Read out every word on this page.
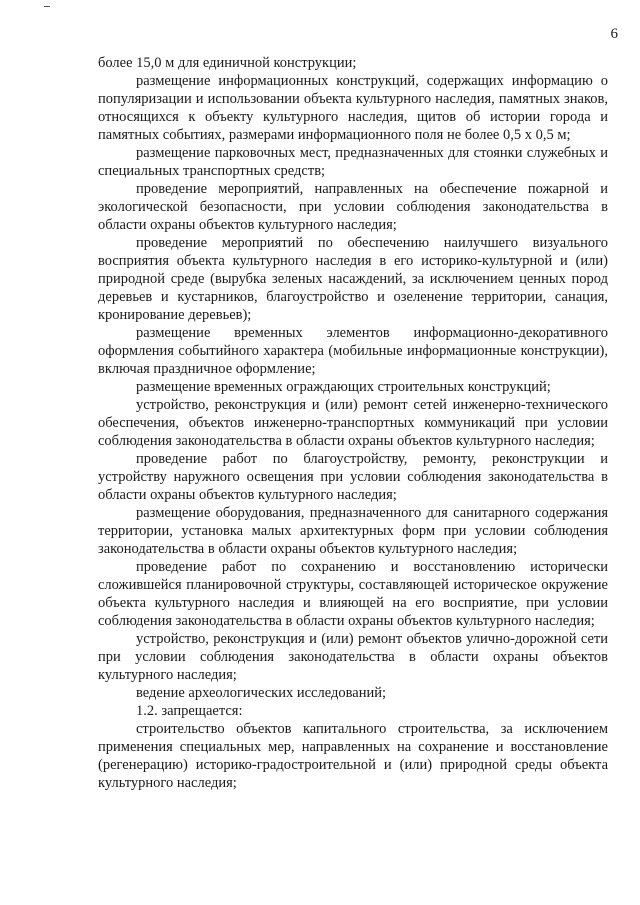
6

более 15,0 м для единичной конструкции;

размещение информационных конструкций, содержащих информацию о популяризации и использовании объекта культурного наследия, памятных знаков, относящихся к объекту культурного наследия, щитов об истории города и памятных событиях, размерами информационного поля не более 0,5 х 0,5 м;

размещение парковочных мест, предназначенных для стоянки служебных и специальных транспортных средств;

проведение мероприятий, направленных на обеспечение пожарной и экологической безопасности, при условии соблюдения законодательства в области охраны объектов культурного наследия;

проведение мероприятий по обеспечению наилучшего визуального восприятия объекта культурного наследия в его историко-культурной и (или) природной среде (вырубка зеленых насаждений, за исключением ценных пород деревьев и кустарников, благоустройство и озеленение территории, санация, кронирование деревьев);

размещение временных элементов информационно-декоративного оформления событийного характера (мобильные информационные конструкции), включая праздничное оформление;

размещение временных ограждающих строительных конструкций;

устройство, реконструкция и (или) ремонт сетей инженерно-технического обеспечения, объектов инженерно-транспортных коммуникаций при условии соблюдения законодательства в области охраны объектов культурного наследия;

проведение работ по благоустройству, ремонту, реконструкции и устройству наружного освещения при условии соблюдения законодательства в области охраны объектов культурного наследия;

размещение оборудования, предназначенного для санитарного содержания территории, установка малых архитектурных форм при условии соблюдения законодательства в области охраны объектов культурного наследия;

проведение работ по сохранению и восстановлению исторически сложившейся планировочной структуры, составляющей историческое окружение объекта культурного наследия и влияющей на его восприятие, при условии соблюдения законодательства в области охраны объектов культурного наследия;

устройство, реконструкция и (или) ремонт объектов улично-дорожной сети при условии соблюдения законодательства в области охраны объектов культурного наследия;

ведение археологических исследований;

1.2. запрещается:

строительство объектов капитального строительства, за исключением применения специальных мер, направленных на сохранение и восстановление (регенерацию) историко-градостроительной и (или) природной среды объекта культурного наследия;
